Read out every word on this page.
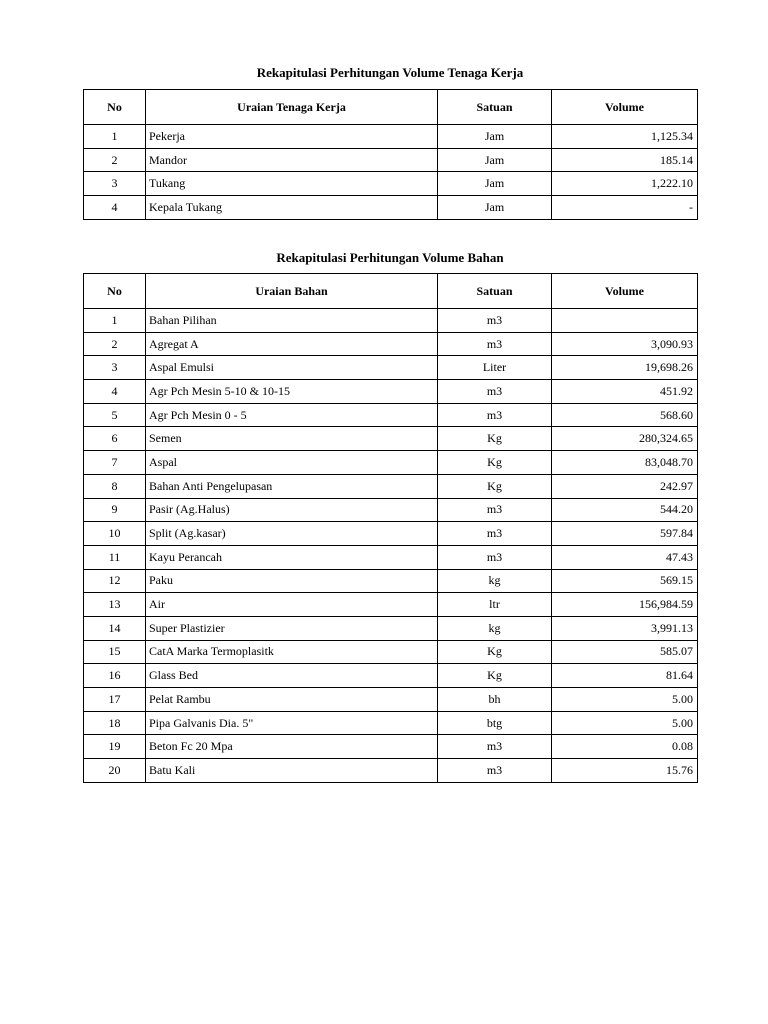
Rekapitulasi Perhitungan Volume Tenaga Kerja
No	Uraian Tenaga Kerja	Satuan	Volume
1	Pekerja	Jam	1,125.34
2	Mandor	Jam	185.14
3	Tukang	Jam	1,222.10
4	Kepala Tukang	Jam	-
Rekapitulasi Perhitungan Volume Bahan
No	Uraian Bahan	Satuan	Volume
1	Bahan Pilihan	m3	
2	Agregat A	m3	3,090.93
3	Aspal Emulsi	Liter	19,698.26
4	Agr Pch Mesin 5-10 & 10-15	m3	451.92
5	Agr Pch Mesin 0 - 5	m3	568.60
6	Semen	Kg	280,324.65
7	Aspal	Kg	83,048.70
8	Bahan Anti Pengelupasan	Kg	242.97
9	Pasir (Ag.Halus)	m3	544.20
10	Split (Ag.kasar)	m3	597.84
11	Kayu Perancah	m3	47.43
12	Paku	kg	569.15
13	Air	ltr	156,984.59
14	Super Plastizier	kg	3,991.13
15	CatA Marka Termoplasitk	Kg	585.07
16	Glass Bed	Kg	81.64
17	Pelat Rambu	bh	5.00
18	Pipa Galvanis Dia. 5"	btg	5.00
19	Beton Fc 20 Mpa	m3	0.08
20	Batu Kali	m3	15.76
